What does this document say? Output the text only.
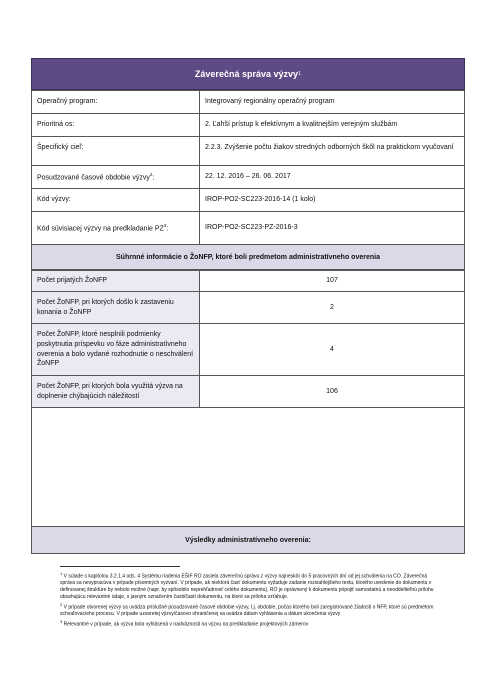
Záverečná správa výzvy 1
Operačný program:	Integrovaný regionálny operačný program
Prioritná os:	2. Ľahší prístup k efektívnym a kvalitnejším verejným službám
Špecifický cieľ:	2.2.3. Zvýšenie počtu žiakov stredných odborných škôl na praktickom vyučovaní
Posudzované časové obdobie výzvy$^2$:	22. 12. 2016 – 26. 06. 2017
Kód výzvy:	IROP-PO2-SC223-2016-14 (1 kolo)
Kód súvisiacej výzvy na predkladanie PZ$^3$:	IROP-PO2-SC223-PZ-2016-3
Súhrnné informácie o ŽoNFP, ktoré boli predmetom administratívneho overenia
Počet prijatých ŽoNFP	107
Počet ŽoNFP, pri ktorých došlo k zastaveniu konania o ŽoNFP	2
Počet ŽoNFP, ktoré nesplnili podmienky poskytnutia príspevku vo fáze administratívneho overenia a bolo vydané rozhodnutie o neschválení ŽoNFP	4
Počet ŽoNFP, pri ktorých bola využitá výzva na doplnenie chýbajúcich náležitostí	106
Výsledky administratívneho overenia:
$^1$ V súlade s kapitolou 3.2.1.4 ods. 4 Systému riadenia EŠIF RO zasiela záverečnú správu z výzvy najneskôr do 5 pracovných dní od jej schválenia na CO. Záverečná správa sa nevypracúva v prípade písomných vyzvaní. V prípade, ak niektorá časť dokumentu vyžaduje zadanie rozsiahlejšieho textu, ktorého uvedenie do dokumentu v definovanej štruktúre by nebolo možné (napr. by spôsobilo neprehľadnosť celého dokumentu), RO je oprávnený k dokumentu pripojiť samostatnú a neoddeliteľnú prílohu obsahujúcu relevantné údaje, s jasným označením časti/častí dokumentu, na ktoré sa príloha vzťahuje.
$^2$ V prípade otvorenej výzvy sa uvádza príslušné posudzované časové obdobie výzvy, t.j. obdobie, počas ktorého boli zaregistrované žiadosti o NFP, ktoré sú predmetom schvaľovacieho procesu. V prípade uzavretej výzvy/časovo ohraničenej sa uvádza dátum vyhlásenia a dátum ukončenia výzvy
$^3$ Relevantné v prípade, ak výzva bola vyhlásená v nadväznosti na výzvu na predkladanie projektových zámerov
